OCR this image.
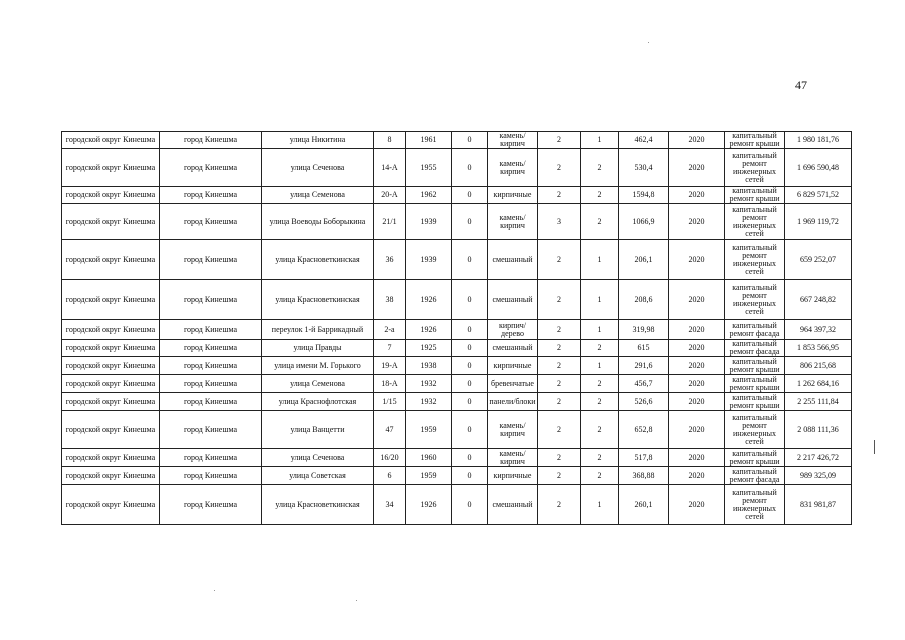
47
городской округ Кинешма	город Кинешма	улица Никитина	8	1961	0	камень/кирпич	2	1	462,4	2020	капитальный ремонт крыши	1 980 181,76
городской округ Кинешма	город Кинешма	улица Сеченова	14-А	1955	0	камень/кирпич	2	2	530,4	2020	капитальный ремонт инженерных сетей	1 696 590,48
городской округ Кинешма	город Кинешма	улица Семенова	20-А	1962	0	кирпичные	2	2	1594,8	2020	капитальный ремонт крыши	6 829 571,52
городской округ Кинешма	город Кинешма	улица Воеводы Боборыкина	21/1	1939	0	камень/кирпич	3	2	1066,9	2020	капитальный ремонт инженерных сетей	1 969 119,72
городской округ Кинешма	город Кинешма	улица Красноветкинская	36	1939	0	смешанный	2	1	206,1	2020	капитальный ремонт инженерных сетей	659 252,07
городской округ Кинешма	город Кинешма	улица Красноветкинская	38	1926	0	смешанный	2	1	208,6	2020	капитальный ремонт инженерных сетей	667 248,82
городской округ Кинешма	город Кинешма	переулок 1-й Баррикадный	2-а	1926	0	кирпич/дерево	2	1	319,98	2020	капитальный ремонт фасада	964 397,32
городской округ Кинешма	город Кинешма	улица Правды	7	1925	0	смешанный	2	2	615	2020	капитальный ремонт фасада	1 853 566,95
городской округ Кинешма	город Кинешма	улица имени М. Горького	19-А	1938	0	кирпичные	2	1	291,6	2020	капитальный ремонт крыши	806 215,68
городской округ Кинешма	город Кинешма	улица Семенова	18-А	1932	0	бревенчатые	2	2	456,7	2020	капитальный ремонт крыши	1 262 684,16
городской округ Кинешма	город Кинешма	улица Краснофлотская	1/15	1932	0	панели/блоки	2	2	526,6	2020	капитальный ремонт крыши	2 255 111,84
городской округ Кинешма	город Кинешма	улица Ванцетти	47	1959	0	камень/кирпич	2	2	652,8	2020	капитальный ремонт инженерных сетей	2 088 111,36
городской округ Кинешма	город Кинешма	улица Сеченова	16/20	1960	0	камень/кирпич	2	2	517,8	2020	капитальный ремонт крыши	2 217 426,72
городской округ Кинешма	город Кинешма	улица Советская	6	1959	0	кирпичные	2	2	368,88	2020	капитальный ремонт фасада	989 325,09
городской округ Кинешма	город Кинешма	улица Красноветкинская	34	1926	0	смешанный	2	1	260,1	2020	капитальный ремонт инженерных сетей	831 981,87
